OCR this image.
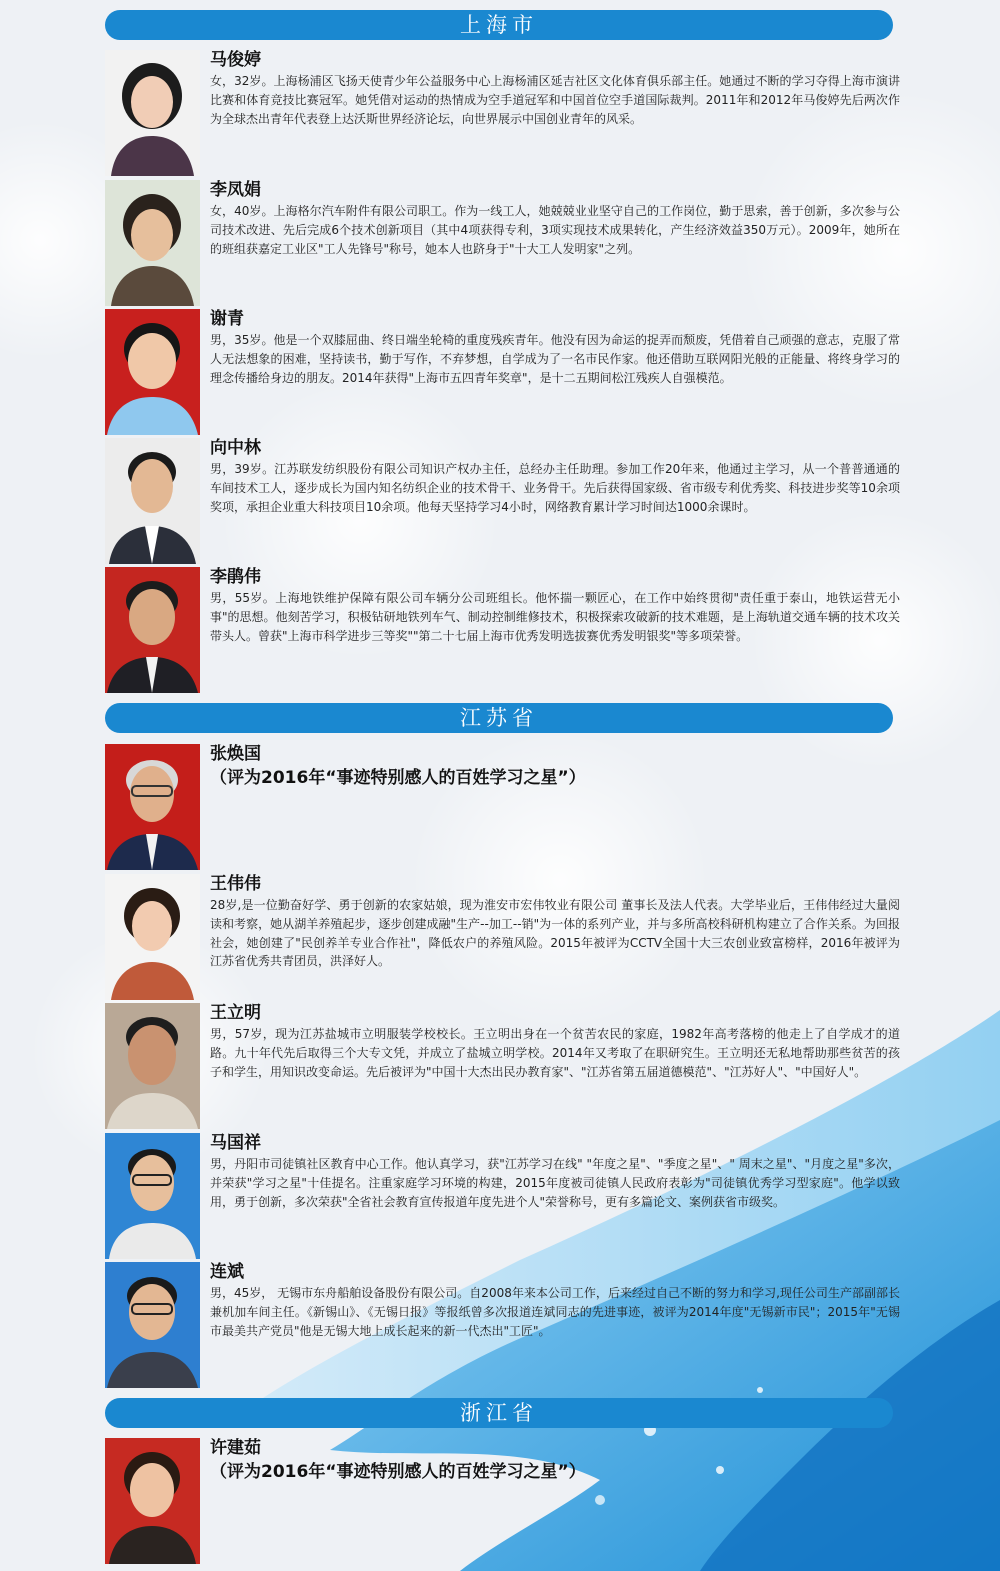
上海市
江苏省
浙江省
马俊婷
女，32岁。上海杨浦区飞扬天使青少年公益服务中心上海杨浦区延吉社区文化体育俱乐部主任。她通过不断的学习夺得上海市演讲比赛和体育竞技比赛冠军。她凭借对运动的热情成为空手道冠军和中国首位空手道国际裁判。2011年和2012年马俊婷先后两次作为全球杰出青年代表登上达沃斯世界经济论坛，向世界展示中国创业青年的风采。
李凤娟
女，40岁。上海格尔汽车附件有限公司职工。作为一线工人，她兢兢业业坚守自己的工作岗位，勤于思索，善于创新，多次参与公司技术改进、先后完成6个技术创新项目（其中4项获得专利，3项实现技术成果转化，产生经济效益350万元）。2009年，她所在的班组获嘉定工业区"工人先锋号"称号，她本人也跻身于"十大工人发明家"之列。
谢青
男，35岁。他是一个双膝屈曲、终日端坐轮椅的重度残疾青年。他没有因为命运的捉弄而颓废，凭借着自己顽强的意志，克服了常人无法想象的困难，坚持读书，勤于写作，不弃梦想，自学成为了一名市民作家。他还借助互联网阳光般的正能量、将终身学习的理念传播给身边的朋友。2014年获得"上海市五四青年奖章"，是十二五期间松江残疾人自强模范。
向中林
男，39岁。江苏联发纺织股份有限公司知识产权办主任，总经办主任助理。参加工作20年来，他通过主学习，从一个普普通通的车间技术工人，逐步成长为国内知名纺织企业的技术骨干、业务骨干。先后获得国家级、省市级专利优秀奖、科技进步奖等10余项奖项，承担企业重大科技项目10余项。他每天坚持学习4小时，网络教育累计学习时间达1000余课时。
李鹃伟
男，55岁。上海地铁维护保障有限公司车辆分公司班组长。他怀揣一颗匠心，在工作中始终贯彻"责任重于泰山，地铁运营无小事"的思想。他刻苦学习，积极钻研地铁列车气、制动控制维修技术，积极探索攻破新的技术难题，是上海轨道交通车辆的技术攻关带头人。曾获"上海市科学进步三等奖""第二十七届上海市优秀发明选拔赛优秀发明银奖"等多项荣誉。
张焕国
（评为2016年“事迹特别感人的百姓学习之星”）
王伟伟
28岁,是一位勤奋好学、勇于创新的农家姑娘，现为淮安市宏伟牧业有限公司 董事长及法人代表。大学毕业后，王伟伟经过大量阅读和考察，她从湖羊养殖起步，逐步创建成融"生产--加工--销"为一体的系列产业，并与多所高校科研机构建立了合作关系。为回报社会，她创建了"民创养羊专业合作社"，降低农户的养殖风险。2015年被评为CCTV全国十大三农创业致富榜样，2016年被评为江苏省优秀共青团员，洪泽好人。
王立明
男，57岁，现为江苏盐城市立明服装学校校长。王立明出身在一个贫苦农民的家庭，1982年高考落榜的他走上了自学成才的道路。九十年代先后取得三个大专文凭，并成立了盐城立明学校。2014年又考取了在职研究生。王立明还无私地帮助那些贫苦的孩子和学生，用知识改变命运。先后被评为"中国十大杰出民办教育家"、"江苏省第五届道德模范"、"江苏好人"、"中国好人"。
马国祥
男，丹阳市司徒镇社区教育中心工作。他认真学习，获"江苏学习在线" "年度之星"、"季度之星"、" 周末之星"、"月度之星"多次，并荣获"学习之星"十佳提名。注重家庭学习环境的构建，2015年度被司徒镇人民政府表彰为"司徒镇优秀学习型家庭"。他学以致用，勇于创新，多次荣获"全省社会教育宣传报道年度先进个人"荣誉称号，更有多篇论文、案例获省市级奖。
连斌
男，45岁， 无锡市东舟船舶设备股份有限公司。自2008年来本公司工作，后来经过自己不断的努力和学习,现任公司生产部副部长兼机加车间主任。《新锡山》、《无锡日报》等报纸曾多次报道连斌同志的先进事迹，被评为2014年度"无锡新市民"；2015年"无锡市最美共产党员"他是无锡大地上成长起来的新一代杰出"工匠"。
许建茹
（评为2016年“事迹特别感人的百姓学习之星”）
